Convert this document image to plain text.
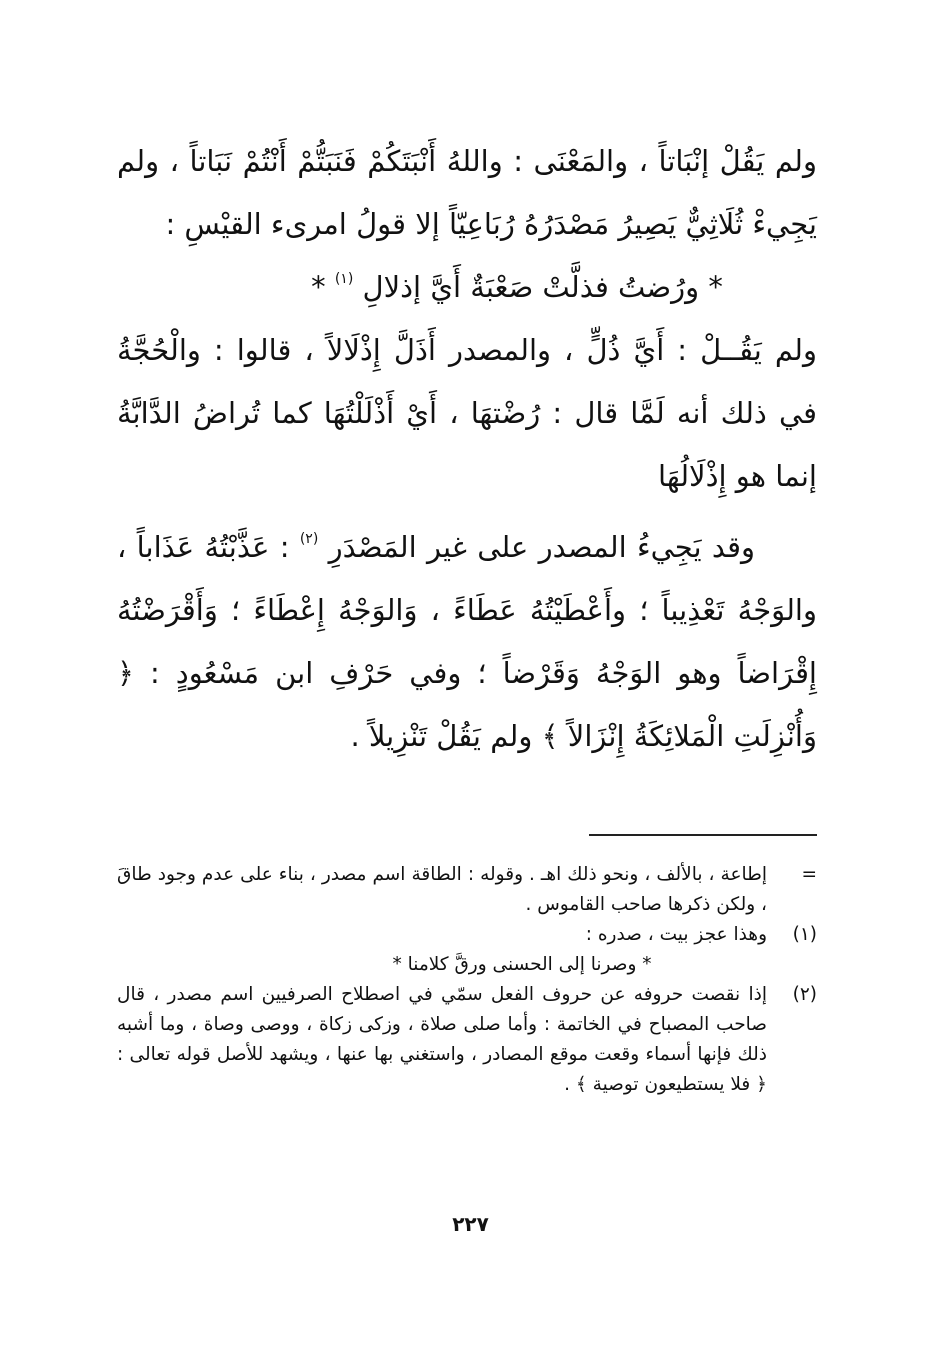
ولم يَقُلْ إنْبَاتاً ، والمَعْنَى : واللهُ أَنْبَتَكُمْ فَنَبَتُّمْ أَنْتُمْ نَبَاتاً ، ولم يَجِيءْ ثُلَاثِيٌّ يَصِيرُ مَصْدَرُهُ رُبَاعِيّاً إلا قولُ امرىء القيْسِ :

* ورُضتُ فذلَّتْ صَعْبَةٌ أَيَّ إذلالِ $^{(١)}$ *

ولم يَقُــلْ : أَيَّ ذُلٍّ ، والمصدر أَذَلَّ إِذْلَالاً ، قالوا : والْحُجَّةُ في ذلك أنه لَمَّا قال : رُضْتهَا ، أَيْ أَذْلَلْتُهَا كما تُراضُ الدَّابَّةُ إنما هو إِذْلَالُهَا

وقد يَجِيءُ المصدر على غير المَصْدَرِ $^{(٢)}$ : عَذَّبْتُهُ عَذَاباً ، والوَجْهُ تَعْذِيباً ؛ وأَعْطَيْتُهُ عَطَاءً ، وَالوَجْهُ إِعْطَاءً ؛ وَأَقْرَضْتُهُ إِقْرَاضاً وهو الوَجْهُ وَقَرْضاً ؛ وفي حَرْفِ ابن مَسْعُودٍ : ﴿ وَأُنْزِلَتِ الْمَلائِكَةُ إِنْزَالاً ﴾ ولم يَقُلْ تَنْزِيلاً .

=
إطاعة ، بالألف ، ونحو ذلك اهـ . وقوله : الطاقة اسم مصدر ، بناء على عدم وجود طاقَ ، ولكن ذكرها صاحب القاموس .
(١)
وهذا عجز بيت ، صدره :

* وصرنا إلى الحسنى ورقَّ كلامنا *

(٢)
إذا نقصت حروفه عن حروف الفعل سمّي في اصطلاح الصرفيين اسم مصدر ، قال صاحب المصباح في الخاتمة : وأما صلى صلاة ، وزكى زكاة ، ووصى وصاة ، وما أشبه ذلك فإنها أسماء وقعت موقع المصادر ، واستغني بها عنها ، ويشهد للأصل قوله تعالى : ﴿ فلا يستطيعون توصية ﴾ .
٢٢٧
